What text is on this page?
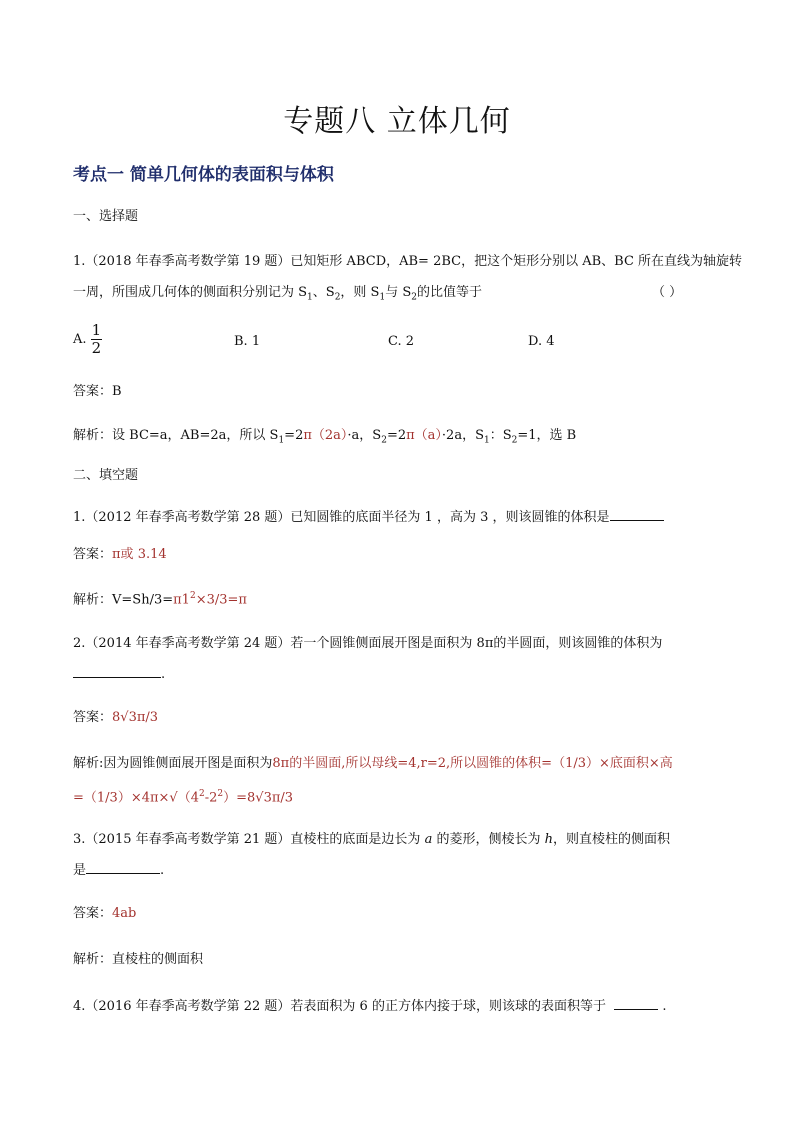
专题八 立体几何
考点一 简单几何体的表面积与体积
一、选择题
1.（2018 年春季高考数学第 19 题）已知矩形 ABCD，AB= 2BC，把这个矩形分别以 AB、BC 所在直线为轴旋转
一周，所围成几何体的侧面积分别记为 $S_1$、$S_2$，则 $S_1$与 $S_2$的比值等于	（ ）
A. $\frac{1}{2}$	B. 1	C. 2	D. 4
答案：B
解析：设 BC=a，AB=2a，所以 $S_1=2\pi(2a)\cdot a$，$S_2=2\pi(a)\cdot 2a$，$S_1$：$S_2=1$，选 B
二、填空题
1.（2012 年春季高考数学第 28 题）已知圆锥的底面半径为 1 ，高为 3 ，则该圆锥的体积是
答案：π或 3.14
解析：$V=Sh/3=\pi 1^2\times 3/3=\pi$
2.（2014 年春季高考数学第 24 题）若一个圆锥侧面展开图是面积为 8π的半圆面，则该圆锥的体积为
.
答案：8√3π/3
解析:因为圆锥侧面展开图是面积为8π的半圆面,所以母线=4,r=2,所以圆锥的体积=（1/3）×底面积×高
$=(1/3)\times 4\pi\times√(4^2-2^2)=8√3\pi/3$
3.（2015 年春季高考数学第 21 题）直棱柱的底面是边长为 a 的菱形，侧棱长为 h，则直棱柱的侧面积
是	.
答案：4ab
解析：直棱柱的侧面积
4.（2016 年春季高考数学第 22 题）若表面积为 6 的正方体内接于球，则该球的表面积等于	.
